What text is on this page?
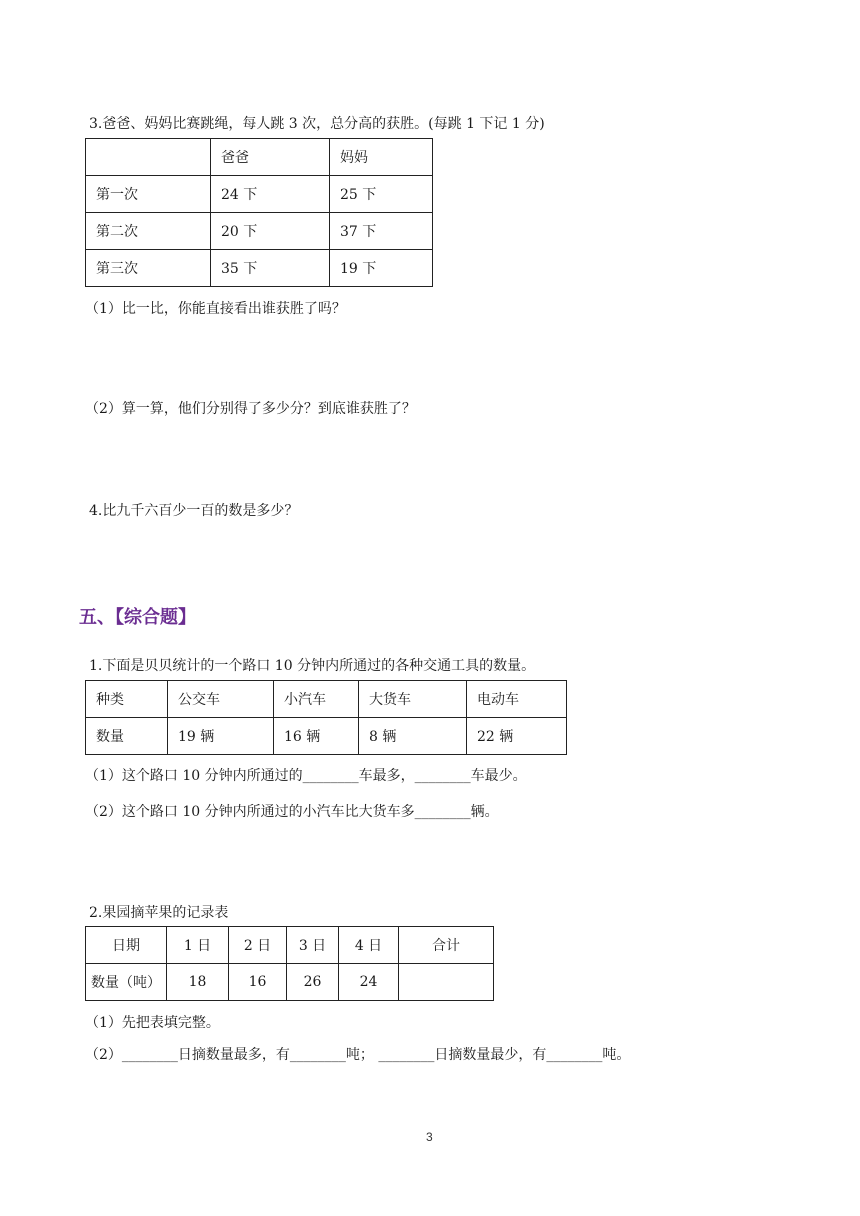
3.爸爸、妈妈比赛跳绳，每人跳 3 次，总分高的获胜。(每跳 1 下记 1 分)
	爸爸	妈妈
第一次	24 下	25 下
第二次	20 下	37 下
第三次	35 下	19 下
（1）比一比，你能直接看出谁获胜了吗？
（2）算一算，他们分别得了多少分？到底谁获胜了？
4.比九千六百少一百的数是多少？
五、【综合题】
1.下面是贝贝统计的一个路口 10 分钟内所通过的各种交通工具的数量。
种类	公交车	小汽车	大货车	电动车
数量	19 辆	16 辆	8 辆	22 辆
（1）这个路口 10 分钟内所通过的________车最多，________车最少。
（2）这个路口 10 分钟内所通过的小汽车比大货车多________辆。
2.果园摘苹果的记录表
日期	1 日	2 日	3 日	4 日	合计
数量（吨）	18	16	26	24	
（1）先把表填完整。
（2）________日摘数量最多，有________吨； ________日摘数量最少，有________吨。
3
